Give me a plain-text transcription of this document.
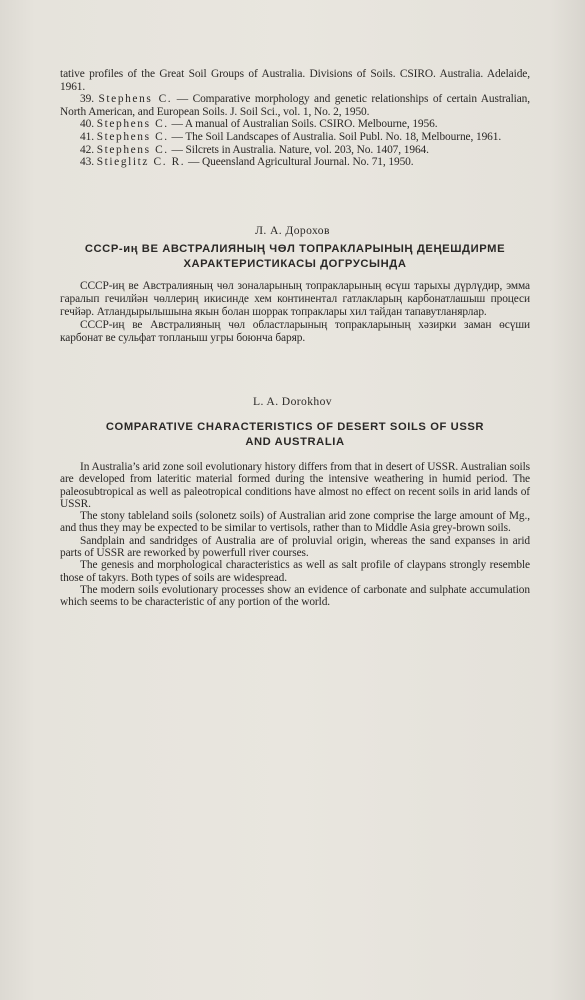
tative profiles of the Great Soil Groups of Australia. Divisions of Soils. CSIRO. Australia. Adelaide, 1961.

39. Stephens C. — Comparative morphology and genetic relationships of certain Australian, North American, and European Soils. J. Soil Sci., vol. 1, No. 2, 1950.

40. Stephens C. — A manual of Australian Soils. CSIRO. Melbourne, 1956.

41. Stephens C. — The Soil Landscapes of Australia. Soil Publ. No. 18, Melbourne, 1961.

42. Stephens C. — Silcrets in Australia. Nature, vol. 203, No. 1407, 1964.

43. Stieglitz C. R. — Queensland Agricultural Journal. No. 71, 1950.

Л. А. Дорохов
СССР-иң ВЕ АВСТРАЛИЯНЫҢ ЧӨЛ ТОПРАКЛАРЫНЫҢ ДЕҢЕШДИРМЕ
ХАРАКТЕРИСТИКАСЫ ДОГРУСЫНДА

СССР-иң ве Австралияның чөл зоналарының топракларының өсүш тарыхы дүрлүдир, эмма гаралып гечилйән чөллериң икисинде хем континентал гатлакларың карбонатлашыш процеси гечйәр. Атландырылышына якын болан шоррак топраклары хил тайдан тапавутланярлар.

СССР-иң ве Австралияның чөл областларының топракларының хәзирки заман өсүши карбонат ве сульфат топланыш угры боюнча баряр.

L. A. Dorokhov
COMPARATIVE CHARACTERISTICS OF DESERT SOILS OF USSR
AND AUSTRALIA

In Australia’s arid zone soil evolutionary history differs from that in desert of USSR. Australian soils are developed from lateritic material formed during the intensive weathering in humid period. The paleosubtropical as well as paleotropical conditions have almost no effect on recent soils in arid lands of USSR.

The stony tableland soils (solonetz soils) of Australian arid zone comprise the large amount of Mg., and thus they may be expected to be similar to vertisols, rather than to Middle Asia grey-brown soils.

Sandplain and sandridges of Australia are of proluvial origin, whereas the sand expanses in arid parts of USSR are reworked by powerfull river courses.

The genesis and morphological characteristics as well as salt profile of claypans strongly resemble those of takyrs. Both types of soils are widespread.

The modern soils evolutionary processes show an evidence of carbonate and sulphate accumulation which seems to be characteristic of any portion of the world.
